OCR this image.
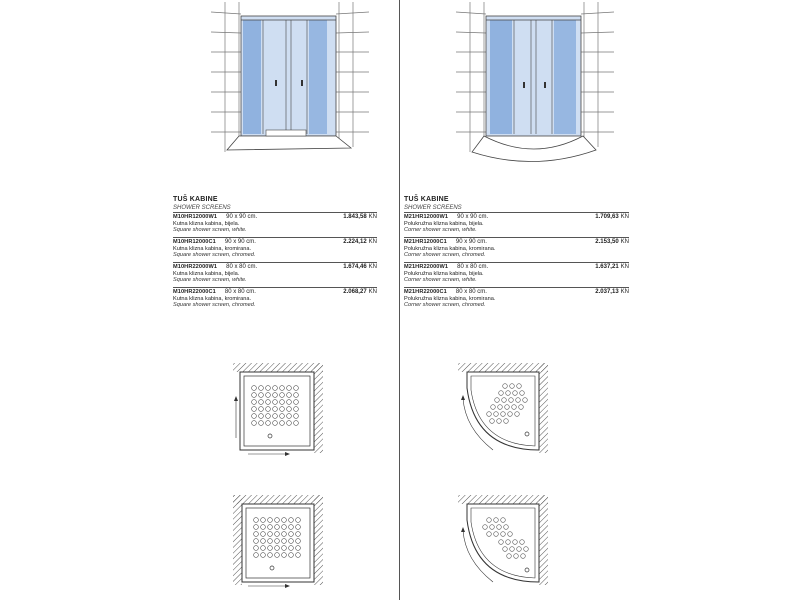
TUŠ KABINE
SHOWER SCREENS
M10HR12000W1 90 x 90 cm.
Kutna klizna kabina, bijela.
Square shower screen, white.	1.843,58 KN
M10HR12000C1 90 x 90 cm.
Kutna klizna kabina, kromirana.
Square shower screen, chromed.	2.224,12 KN
M10HR22000W1 80 x 80 cm.
Kutna klizna kabina, bijela.
Square shower screen, white.	1.674,46 KN
M10HR22000C1 80 x 80 cm.
Kutna klizna kabina, kromirana.
Square shower screen, chromed.	2.068,27 KN
TUŠ KABINE
SHOWER SCREENS
M21HR12000W1 90 x 90 cm.
Polukružna klizna kabina, bijela.
Corner shower screen, white.	1.709,63 KN
M21HR12000C1 90 x 90 cm.
Polukružna klizna kabina, kromirana.
Corner shower screen, chromed.	2.153,50 KN
M21HR22000W1 80 x 80 cm.
Polukružna klizna kabina, bijela.
Corner shower screen, white.	1.637,21 KN
M21HR22000C1 80 x 80 cm.
Polukružna klizna kabina, kromirana.
Corner shower screen, chromed.	2.037,13 KN
